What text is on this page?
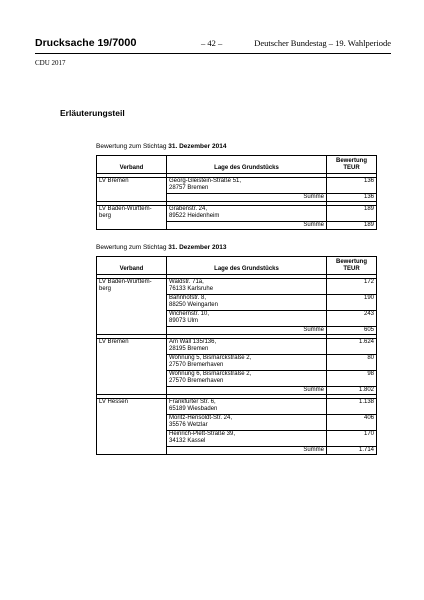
Drucksache 19/7000	– 42 –	Deutscher Bundestag – 19. Wahlperiode
CDU 2017
Erläuterungsteil
Bewertung zum Stichtag 31. Dezember 2014
Verband	Lage des Grundstücks	Bewertung
TEUR

LV Bremen	Georg-Gleistein-Straße 51,
28757 Bremen	136
	Summe	136

LV Baden-Württem-
berg	Grabenstr. 24,
89522 Heidenheim	189
	Summe	189
Bewertung zum Stichtag 31. Dezember 2013
Verband	Lage des Grundstücks	Bewertung
TEUR

LV Baden-Württem-
berg	Waldstr. 71a,
76133 Karlsruhe	172
	Bahnhofstr. 8,
88250 Weingarten	190
	Wichernstr. 10,
89073 Ulm	243
	Summe	605

LV Bremen	Am Wall 135/136,
28195 Bremen	1.624
	Wohnung 5, Bismarckstraße 2,
27570 Bremerhaven	80
	Wohnung 6, Bismarckstraße 2,
27570 Bremerhaven	98
	Summe	1.802

LV Hessen	Frankfurter Str. 6,
65189 Wiesbaden	1.138
	Moritz-Hensoldt-Str. 24,
35576 Wetzlar	406
	Heinrich-Plett-Straße 39,
34132 Kassel	170
	Summe	1.714
